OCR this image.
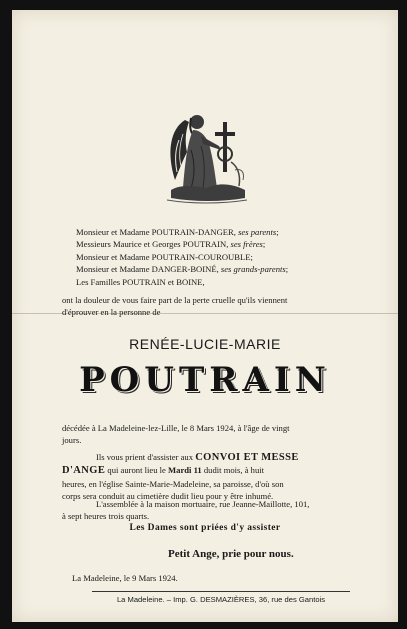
Monsieur et Madame POUTRAIN-DANGER, ses parents;
Messieurs Maurice et Georges POUTRAIN, ses frères;
Monsieur et Madame POUTRAIN-COUROUBLE;
Monsieur et Madame DANGER-BOINÉ, ses grands-parents;
Les Familles POUTRAIN et BOINE,
ont la douleur de vous faire part de la perte cruelle qu'ils viennent
d'éprouver en la personne de
RENÉE-LUCIE-MARIE
POUTRAIN
décédée à La Madeleine-lez-Lille, le 8 Mars 1924, à l'âge de vingt
jours.
Ils vous prient d'assister aux CONVOI ET MESSE
D'ANGE qui auront lieu le Mardi 11 dudit mois, à huit
heures, en l'église Sainte-Marie-Madeleine, sa paroisse, d'où son
corps sera conduit au cimetière dudit lieu pour y être inhumé.
L'assemblée à la maison mortuaire, rue Jeanne-Maillotte, 101,
à sept heures trois quarts.
Les Dames sont priées d'y assister
Petit Ange, prie pour nous.
La Madeleine, le 9 Mars 1924.
La Madeleine. – Imp. G. DESMAZIÈRES, 36, rue des Gantois
